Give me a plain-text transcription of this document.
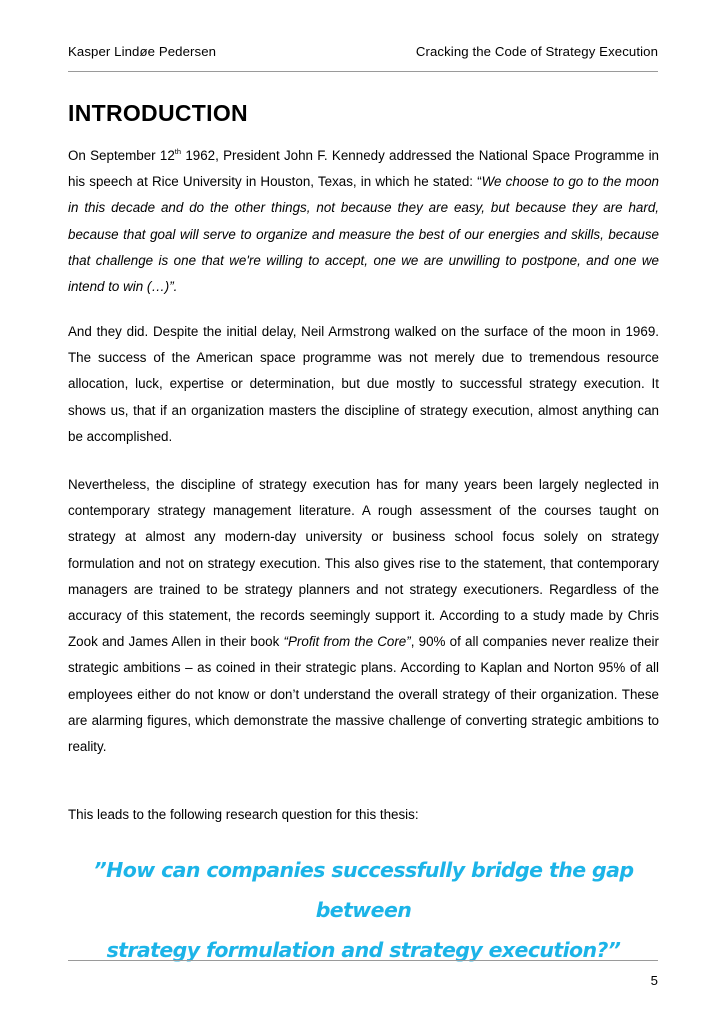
Kasper Lindøe Pedersen	Cracking the Code of Strategy Execution
INTRODUCTION

On September 12th 1962, President John F. Kennedy addressed the National Space Programme in his speech at Rice University in Houston, Texas, in which he stated: “We choose to go to the moon in this decade and do the other things, not because they are easy, but because they are hard, because that goal will serve to organize and measure the best of our energies and skills, because that challenge is one that we're willing to accept, one we are unwilling to postpone, and one we intend to win (…)”.

And they did. Despite the initial delay, Neil Armstrong walked on the surface of the moon in 1969. The success of the American space programme was not merely due to tremendous resource allocation, luck, expertise or determination, but due mostly to successful strategy execution. It shows us, that if an organization masters the discipline of strategy execution, almost anything can be accomplished.

Nevertheless, the discipline of strategy execution has for many years been largely neglected in contemporary strategy management literature. A rough assessment of the courses taught on strategy at almost any modern-day university or business school focus solely on strategy formulation and not on strategy execution. This also gives rise to the statement, that contemporary managers are trained to be strategy planners and not strategy executioners. Regardless of the accuracy of this statement, the records seemingly support it. According to a study made by Chris Zook and James Allen in their book “Profit from the Core”, 90% of all companies never realize their strategic ambitions – as coined in their strategic plans. According to Kaplan and Norton 95% of all employees either do not know or don’t understand the overall strategy of their organization. These are alarming figures, which demonstrate the massive challenge of converting strategic ambitions to reality.

This leads to the following research question for this thesis:

”How can companies successfully bridge the gap between
strategy formulation and strategy execution?”
5
